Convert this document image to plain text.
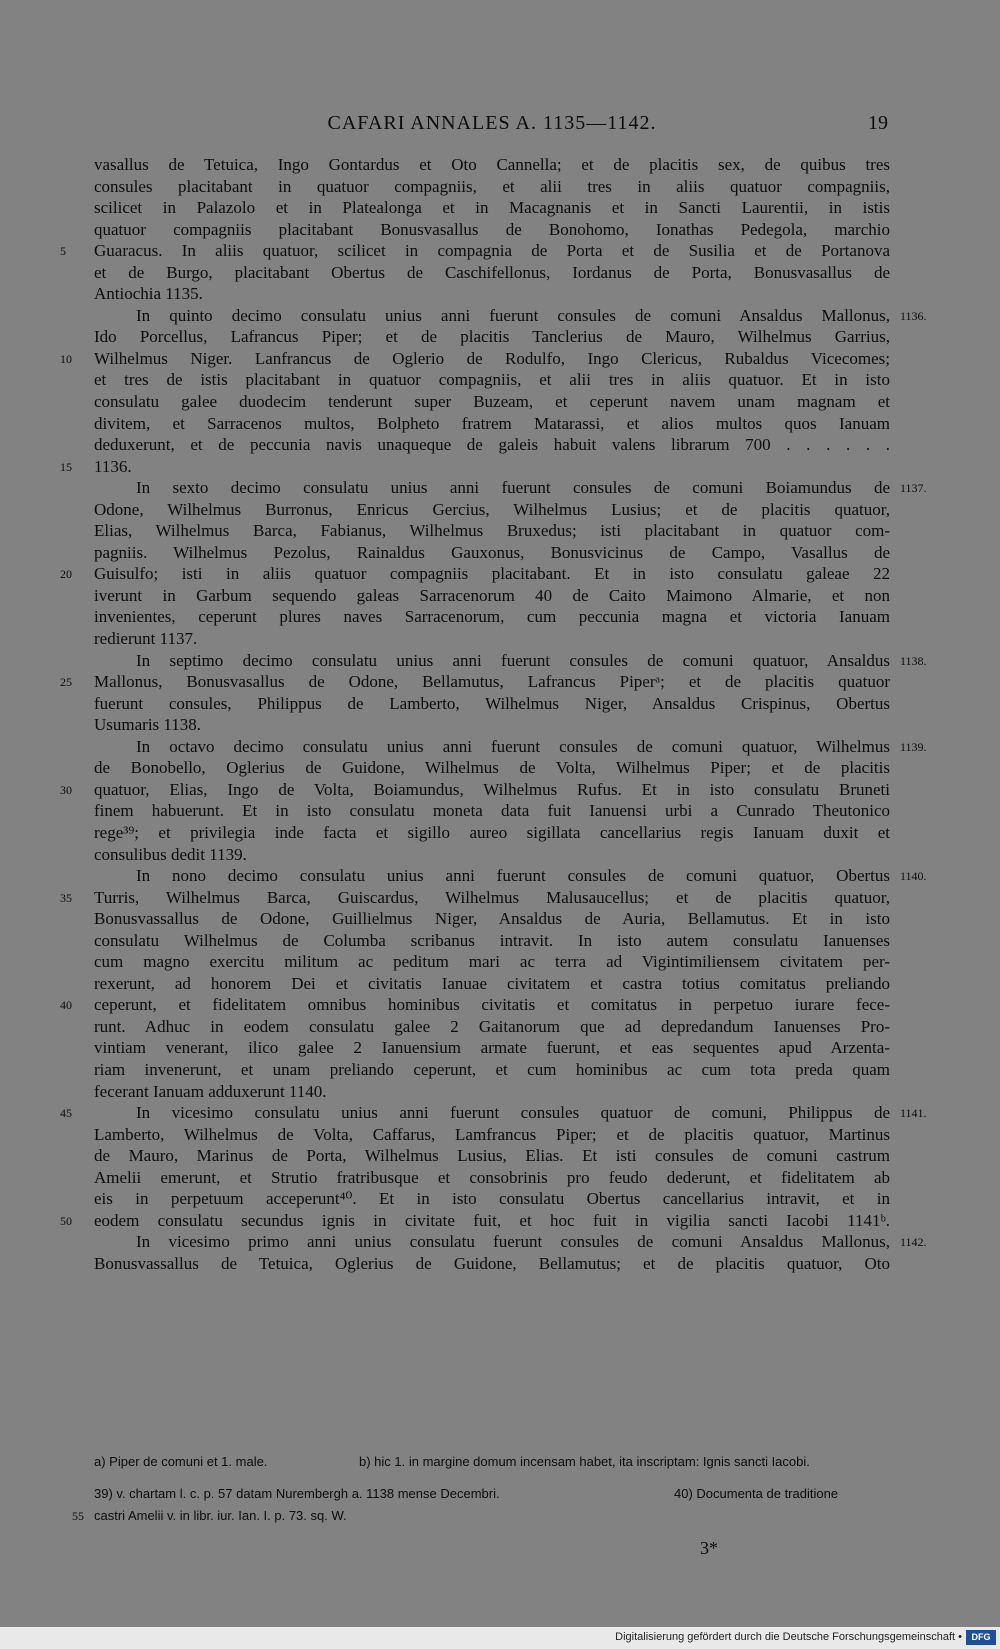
CAFARI ANNALES A. 1135—1142.	19
vasallus de Tetuica, Ingo Gontardus et Oto Cannella; et de placitis sex, de quibus tres
consules placitabant in quatuor compagniis, et alii tres in aliis quatuor compagniis,
scilicet in Palazolo et in Platealonga et in Macagnanis et in Sancti Laurentii, in istis
quatuor compagniis placitabant Bonusvasallus de Bonohomo, Ionathas Pedegola, marchio
5	Guaracus. In aliis quatuor, scilicet in compagnia de Porta et de Susilia et de Portanova
et de Burgo, placitabant Obertus de Caschifellonus, Iordanus de Porta, Bonusvasallus de
Antiochia 1135.
In quinto decimo consulatu unius anni fuerunt consules de comuni Ansaldus Mallonus, 1136.
Ido Porcellus, Lafrancus Piper; et de placitis Tanclerius de Mauro, Wilhelmus Garrius,
10	Wilhelmus Niger. Lanfrancus de Oglerio de Rodulfo, Ingo Clericus, Rubaldus Vicecomes;
et tres de istis placitabant in quatuor compagniis, et alii tres in aliis quatuor. Et in isto
consulatu galee duodecim tenderunt super Buzeam, et ceperunt navem unam magnam et
divitem, et Sarracenos multos, Bolpheto fratrem Matarassi, et alios multos quos Ianuam
deduxerunt, et de peccunia navis unaqueque de galeis habuit valens librarum 700 . . . . . .
15	1136.
In sexto decimo consulatu unius anni fuerunt consules de comuni Boiamundus de 1137.
Odone, Wilhelmus Burronus, Enricus Gercius, Wilhelmus Lusius; et de placitis quatuor,
Elias, Wilhelmus Barca, Fabianus, Wilhelmus Bruxedus; isti placitabant in quatuor com-
pagniis. Wilhelmus Pezolus, Rainaldus Gauxonus, Bonusvicinus de Campo, Vasallus de
20	Guisulfo; isti in aliis quatuor compagniis placitabant. Et in isto consulatu galeae 22
iverunt in Garbum sequendo galeas Sarracenorum 40 de Caito Maimono Almarie, et non
invenientes, ceperunt plures naves Sarracenorum, cum peccunia magna et victoria Ianuam
redierunt 1137.
In septimo decimo consulatu unius anni fuerunt consules de comuni quatuor, Ansaldus 1138.
25	Mallonus, Bonusvasallus de Odone, Bellamutus, Lafrancus Piperᵃ; et de placitis quatuor
fuerunt consules, Philippus de Lamberto, Wilhelmus Niger, Ansaldus Crispinus, Obertus
Usumaris 1138.
In octavo decimo consulatu unius anni fuerunt consules de comuni quatuor, Wilhelmus 1139.
de Bonobello, Oglerius de Guidone, Wilhelmus de Volta, Wilhelmus Piper; et de placitis
30	quatuor, Elias, Ingo de Volta, Boiamundus, Wilhelmus Rufus. Et in isto consulatu Bruneti
finem habuerunt. Et in isto consulatu moneta data fuit Ianuensi urbi a Cunrado Theutonico
rege³⁹; et privilegia inde facta et sigillo aureo sigillata cancellarius regis Ianuam duxit et
consulibus dedit 1139.
In nono decimo consulatu unius anni fuerunt consules de comuni quatuor, Obertus 1140.
35	Turris, Wilhelmus Barca, Guiscardus, Wilhelmus Malusaucellus; et de placitis quatuor,
Bonusvassallus de Odone, Guillielmus Niger, Ansaldus de Auria, Bellamutus. Et in isto
consulatu Wilhelmus de Columba scribanus intravit. In isto autem consulatu Ianuenses
cum magno exercitu militum ac peditum mari ac terra ad Vigintimiliensem civitatem per-
rexerunt, ad honorem Dei et civitatis Ianuae civitatem et castra totius comitatus preliando
40	ceperunt, et fidelitatem omnibus hominibus civitatis et comitatus in perpetuo iurare fece-
runt. Adhuc in eodem consulatu galee 2 Gaitanorum que ad depredandum Ianuenses Pro-
vintiam venerant, ilico galee 2 Ianuensium armate fuerunt, et eas sequentes apud Arzenta-
riam invenerunt, et unam preliando ceperunt, et cum hominibus ac cum tota preda quam
fecerant Ianuam adduxerunt 1140.
45	In vicesimo consulatu unius anni fuerunt consules quatuor de comuni, Philippus de 1141.
Lamberto, Wilhelmus de Volta, Caffarus, Lamfrancus Piper; et de placitis quatuor, Martinus
de Mauro, Marinus de Porta, Wilhelmus Lusius, Elias. Et isti consules de comuni castrum
Amelii emerunt, et Strutio fratribusque et consobrinis pro feudo dederunt, et fidelitatem ab
eis in perpetuum acceperunt⁴⁰. Et in isto consulatu Obertus cancellarius intravit, et in
50	eodem consulatu secundus ignis in civitate fuit, et hoc fuit in vigilia sancti Iacobi 1141ᵇ.
In vicesimo primo anni unius consulatu fuerunt consules de comuni Ansaldus Mallonus, 1142.
Bonusvassallus de Tetuica, Oglerius de Guidone, Bellamutus; et de placitis quatuor, Oto
a) Piper de comuni et 1. male.	b) hic 1. in margine domum incensam habet, ita inscriptam: Ignis sancti Iacobi.
39) v. chartam l. c. p. 57 datam Nurembergh a. 1138 mense Decembri.	40) Documenta de traditione
55 castri Amelii v. in libr. iur. Ian. I. p. 73. sq. W.
3*
Digitalisierung gefördert durch die Deutsche Forschungsgemeinschaft •	DFG
